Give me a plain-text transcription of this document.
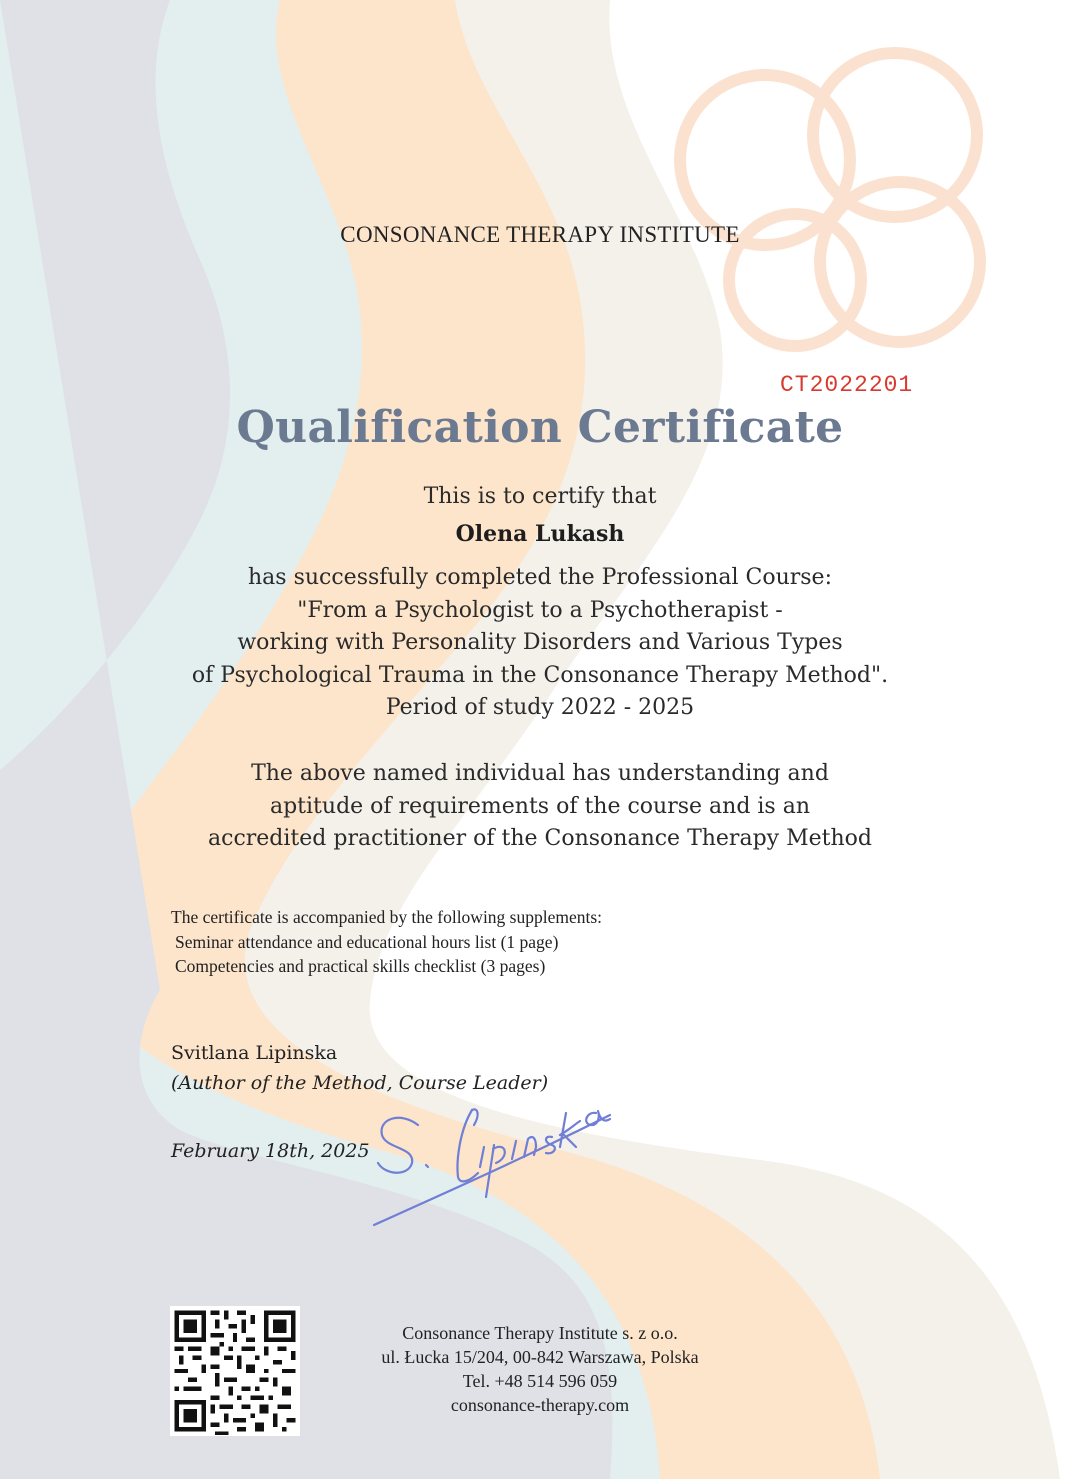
CONSONANCE THERAPY INSTITUTE
CT2022201
Qualification Certificate
This is to certify that
Olena Lukash
has successfully completed the Professional Course:
"From a Psychologist to a Psychotherapist -
working with Personality Disorders and Various Types
of Psychological Trauma in the Consonance Therapy Method".
Period of study 2022 - 2025
The above named individual has understanding and
aptitude of requirements of the course and is an
accredited practitioner of the Consonance Therapy Method
The certificate is accompanied by the following supplements:
Seminar attendance and educational hours list (1 page)
Competencies and practical skills checklist (3 pages)
Svitlana Lipinska
(Author of the Method, Course Leader)
February 18th, 2025
Consonance Therapy Institute s. z o.o.
ul. Łucka 15/204, 00-842 Warszawa, Polska
Tel. +48 514 596 059
consonance-therapy.com
